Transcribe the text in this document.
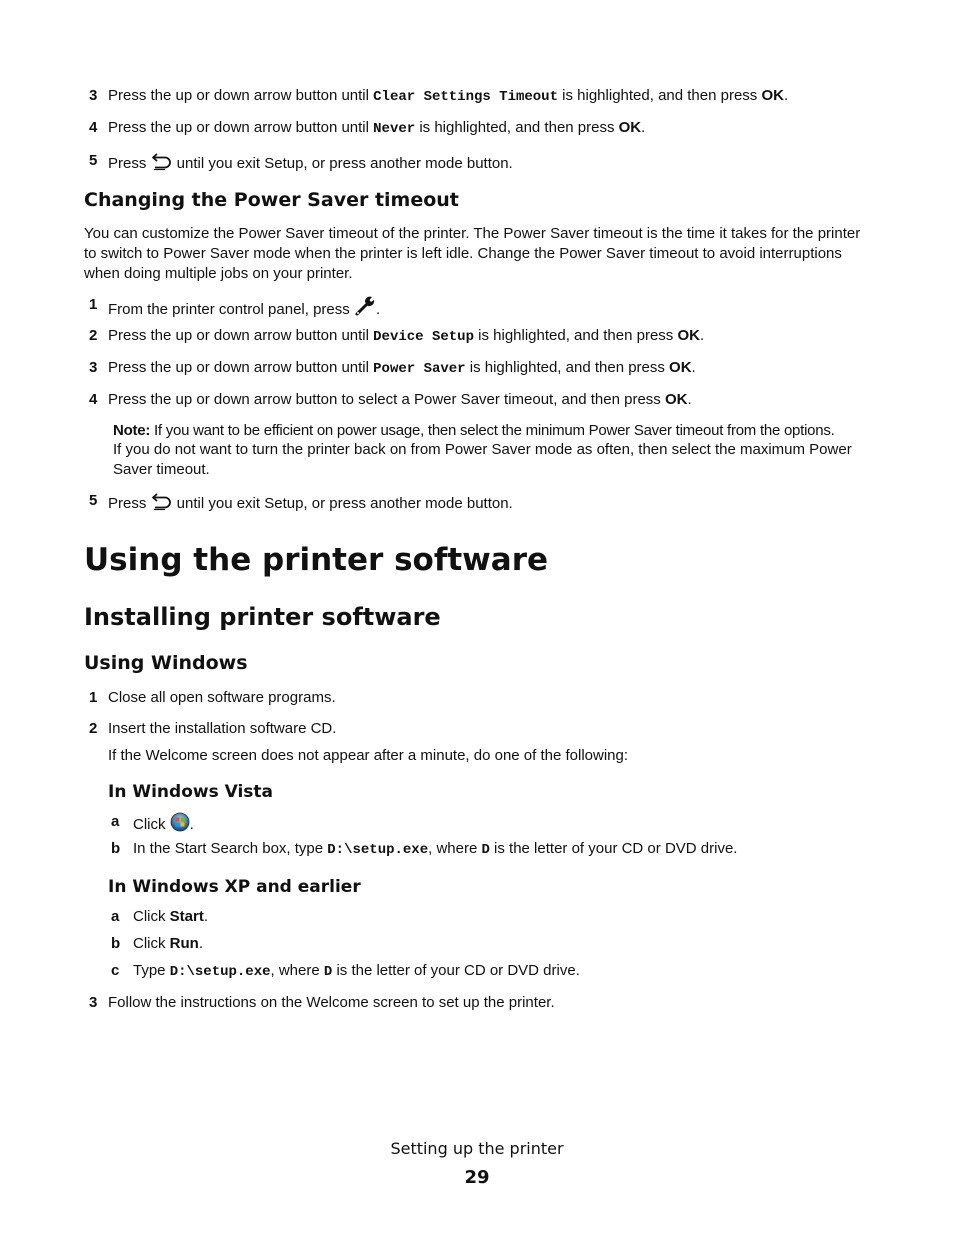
3 Press the up or down arrow button until Clear Settings Timeout is highlighted, and then press OK.
4 Press the up or down arrow button until Never is highlighted, and then press OK.
5 Press  until you exit Setup, or press another mode button.
Changing the Power Saver timeout
You can customize the Power Saver timeout of the printer. The Power Saver timeout is the time it takes for the printer
to switch to Power Saver mode when the printer is left idle. Change the Power Saver timeout to avoid interruptions
when doing multiple jobs on your printer.
1 From the printer control panel, press .
2 Press the up or down arrow button until Device Setup is highlighted, and then press OK.
3 Press the up or down arrow button until Power Saver is highlighted, and then press OK.
4 Press the up or down arrow button to select a Power Saver timeout, and then press OK.
Note: If you want to be efficient on power usage, then select the minimum Power Saver timeout from the options.
If you do not want to turn the printer back on from Power Saver mode as often, then select the maximum Power
Saver timeout.
5 Press  until you exit Setup, or press another mode button.
Using the printer software
Installing printer software
Using Windows
1 Close all open software programs.
2 Insert the installation software CD.
If the Welcome screen does not appear after a minute, do one of the following:
In Windows Vista
a Click .
b In the Start Search box, type D:\setup.exe, where D is the letter of your CD or DVD drive.
In Windows XP and earlier
a Click Start.
b Click Run.
c Type D:\setup.exe, where D is the letter of your CD or DVD drive.
3 Follow the instructions on the Welcome screen to set up the printer.
Setting up the printer
29
